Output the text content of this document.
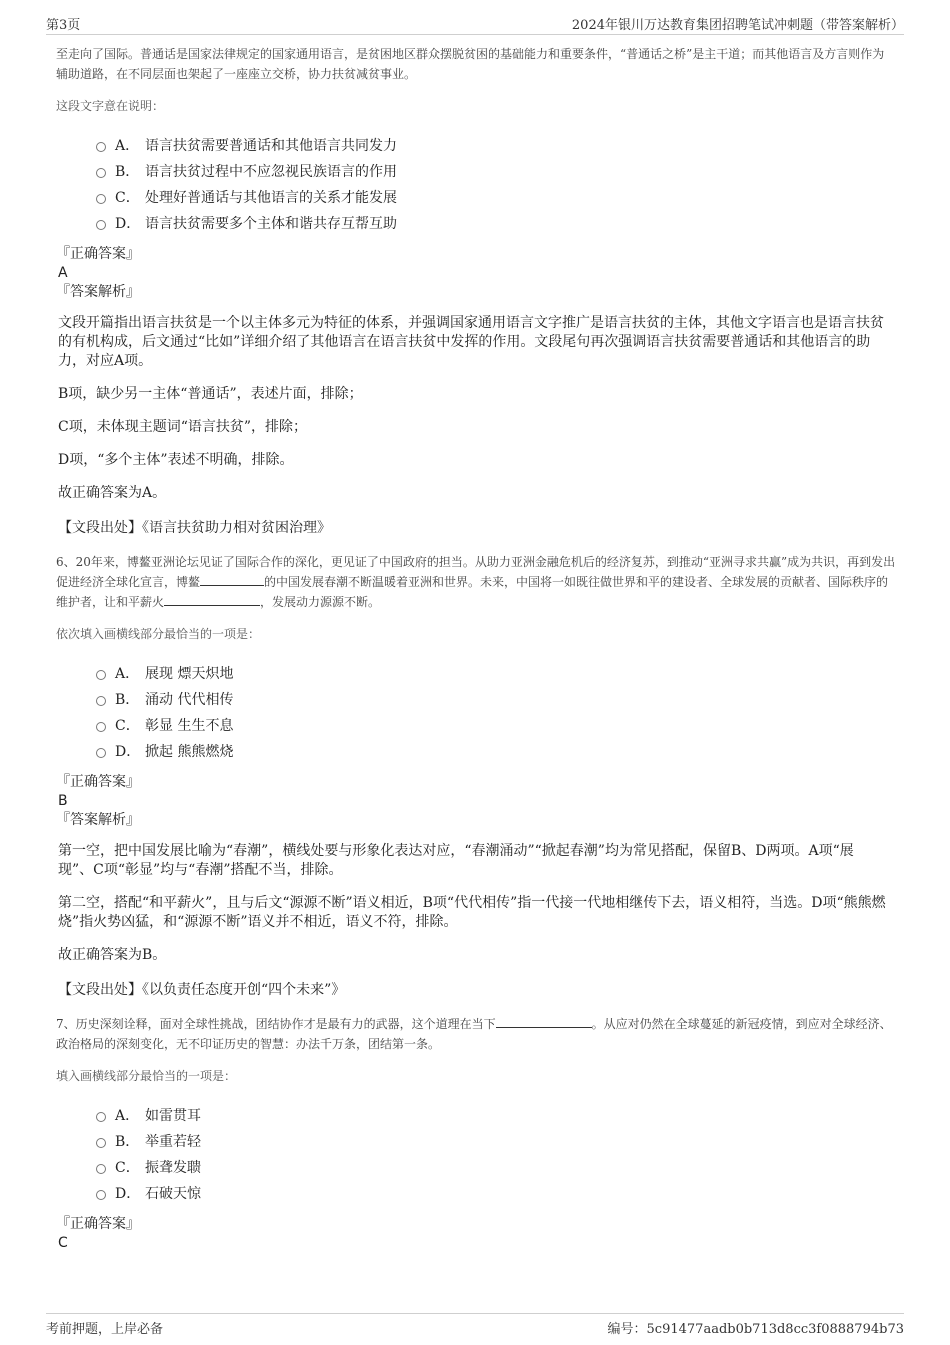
第3页	2024年银川万达教育集团招聘笔试冲刺题（带答案解析）

至走向了国际。普通话是国家法律规定的国家通用语言，是贫困地区群众摆脱贫困的基础能力和重要条件，“普通话之桥”是主干道；而其他语言及方言则作为辅助道路，在不同层面也架起了一座座立交桥，协力扶贫减贫事业。

这段文字意在说明：

A． 语言扶贫需要普通话和其他语言共同发力
B． 语言扶贫过程中不应忽视民族语言的作用
C． 处理好普通话与其他语言的关系才能发展
D． 语言扶贫需要多个主体和谐共存互帮互助

『正确答案』

A

『答案解析』

文段开篇指出语言扶贫是一个以主体多元为特征的体系，并强调国家通用语言文字推广是语言扶贫的主体，其他文字语言也是语言扶贫的有机构成，后文通过“比如”详细介绍了其他语言在语言扶贫中发挥的作用。文段尾句再次强调语言扶贫需要普通话和其他语言的助力，对应A项。

B项，缺少另一主体“普通话”，表述片面，排除；

C项，未体现主题词“语言扶贫”，排除；

D项，“多个主体”表述不明确，排除。

故正确答案为A。

【文段出处】《语言扶贫助力相对贫困治理》

6、20年来，博鳌亚洲论坛见证了国际合作的深化，更见证了中国政府的担当。从助力亚洲金融危机后的经济复苏，到推动“亚洲寻求共赢”成为共识，再到发出促进经济全球化宣言，博鳌	的中国发展春潮不断温暖着亚洲和世界。未来，中国将一如既往做世界和平的建设者、全球发展的贡献者、国际秩序的维护者，让和平薪火	，发展动力源源不断。

依次填入画横线部分最恰当的一项是：

A． 展现 熛天炽地
B． 涌动 代代相传
C． 彰显 生生不息
D． 掀起 熊熊燃烧

『正确答案』

B

『答案解析』

第一空，把中国发展比喻为“春潮”，横线处要与形象化表达对应，“春潮涌动”“掀起春潮”均为常见搭配，保留B、D两项。A项“展现”、C项“彰显”均与“春潮”搭配不当，排除。

第二空，搭配“和平薪火”，且与后文“源源不断”语义相近，B项“代代相传”指一代接一代地相继传下去，语义相符，当选。D项“熊熊燃烧”指火势凶猛，和“源源不断”语义并不相近，语义不符，排除。

故正确答案为B。

【文段出处】《以负责任态度开创“四个未来”》

7、历史深刻诠释，面对全球性挑战，团结协作才是最有力的武器，这个道理在当下	。从应对仍然在全球蔓延的新冠疫情，到应对全球经济、政治格局的深刻变化，无不印证历史的智慧：办法千万条，团结第一条。

填入画横线部分最恰当的一项是：

A． 如雷贯耳
B． 举重若轻
C． 振聋发聩
D． 石破天惊

『正确答案』

C

考前押题，上岸必备	编号：5c91477aadb0b713d8cc3f0888794b73
